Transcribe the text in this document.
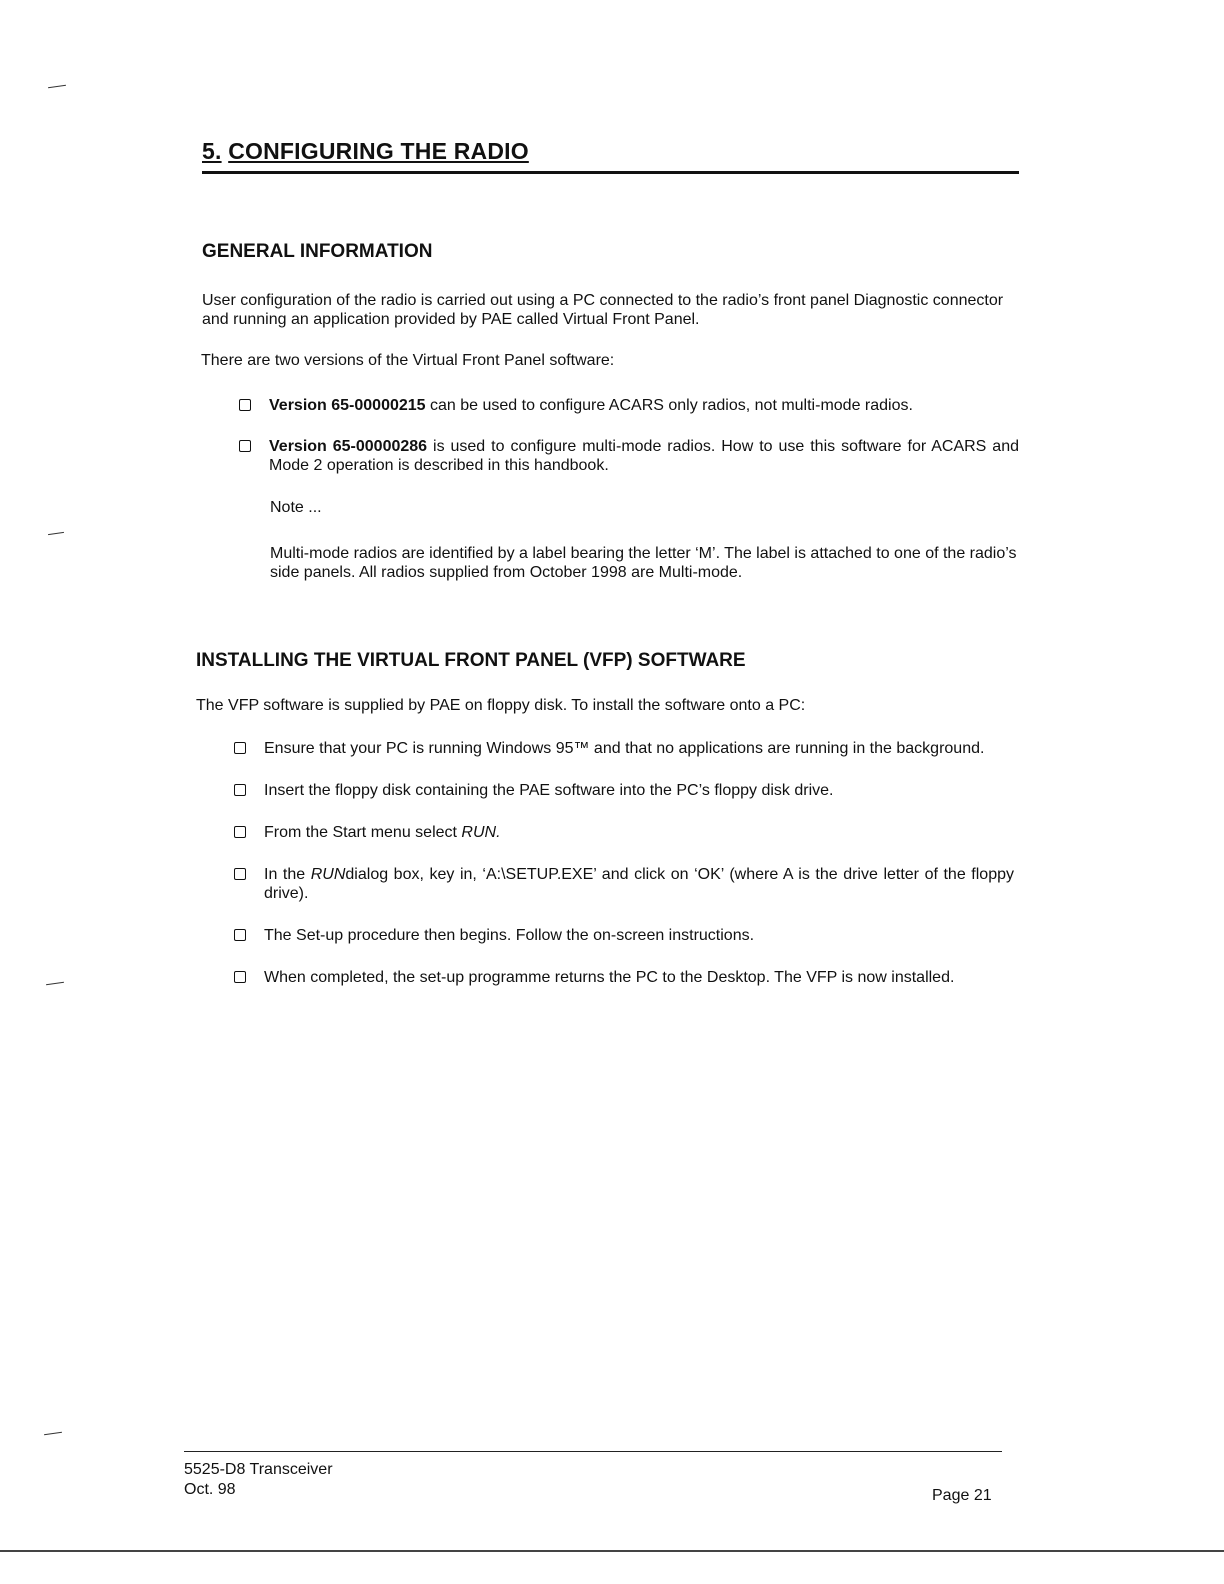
5. CONFIGURING THE RADIO
GENERAL INFORMATION
User configuration of the radio is carried out using a PC connected to the radio’s front panel Diagnostic connector and running an application provided by PAE called Virtual Front Panel.
There are two versions of the Virtual Front Panel software:
Version 65-00000215 can be used to configure ACARS only radios, not multi-mode radios.
Version 65-00000286 is used to configure multi-mode radios. How to use this software for ACARS and Mode 2 operation is described in this handbook.
Note ...
Multi-mode radios are identified by a label bearing the letter ‘M’. The label is attached to one of the radio’s side panels. All radios supplied from October 1998 are Multi-mode.
INSTALLING THE VIRTUAL FRONT PANEL (VFP) SOFTWARE
The VFP software is supplied by PAE on floppy disk. To install the software onto a PC:
Ensure that your PC is running Windows 95™ and that no applications are running in the background.
Insert the floppy disk containing the PAE software into the PC’s floppy disk drive.
From the Start menu select RUN.
In the RUNdialog box, key in, ‘A:\SETUP.EXE’ and click on ‘OK’ (where A is the drive letter of the floppy drive).
The Set-up procedure then begins. Follow the on-screen instructions.
When completed, the set-up programme returns the PC to the Desktop. The VFP is now installed.
5525-D8 Transceiver
Oct. 98	Page 21
